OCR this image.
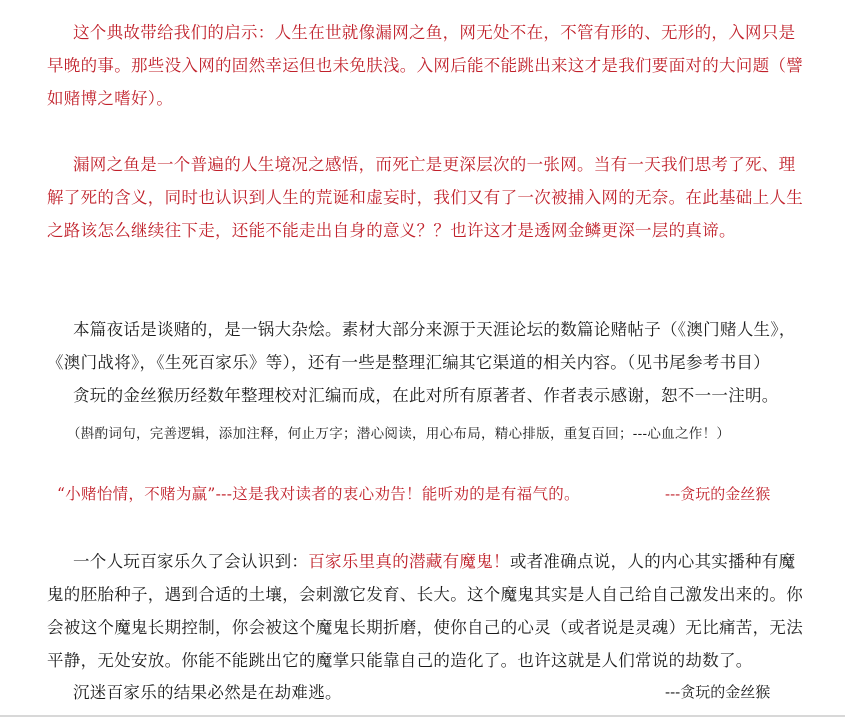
这个典故带给我们的启示：人生在世就像漏网之鱼，网无处不在，不管有形的、无形的，入网只是早晚的事。那些没入网的固然幸运但也未免肤浅。入网后能不能跳出来这才是我们要面对的大问题（譬如赌博之嗜好）。

漏网之鱼是一个普遍的人生境况之感悟，而死亡是更深层次的一张网。当有一天我们思考了死、理解了死的含义，同时也认识到人生的荒诞和虚妄时，我们又有了一次被捕入网的无奈。在此基础上人生之路该怎么继续往下走，还能不能走出自身的意义？？也许这才是透网金鳞更深一层的真谛。

本篇夜话是谈赌的，是一锅大杂烩。素材大部分来源于天涯论坛的数篇论赌帖子（《澳门赌人生》，《澳门战将》，《生死百家乐》等），还有一些是整理汇编其它渠道的相关内容。（见书尾参考书目）

贪玩的金丝猴历经数年整理校对汇编而成，在此对所有原著者、作者表示感谢，恕不一一注明。

（斟酌词句，完善逻辑，添加注释，何止万字；潜心阅读，用心布局，精心排版，重复百回；---心血之作！）
“小赌怡情，不赌为赢”---这是我对读者的衷心劝告！能听劝的是有福气的。	---贪玩的金丝猴

一个人玩百家乐久了会认识到：百家乐里真的潜藏有魔鬼！或者准确点说，人的内心其实播种有魔鬼的胚胎种子，遇到合适的土壤，会刺激它发育、长大。这个魔鬼其实是人自己给自己激发出来的。你会被这个魔鬼长期控制，你会被这个魔鬼长期折磨，使你自己的心灵（或者说是灵魂）无比痛苦，无法平静，无处安放。你能不能跳出它的魔掌只能靠自己的造化了。也许这就是人们常说的劫数了。

沉迷百家乐的结果必然是在劫难逃。	---贪玩的金丝猴
